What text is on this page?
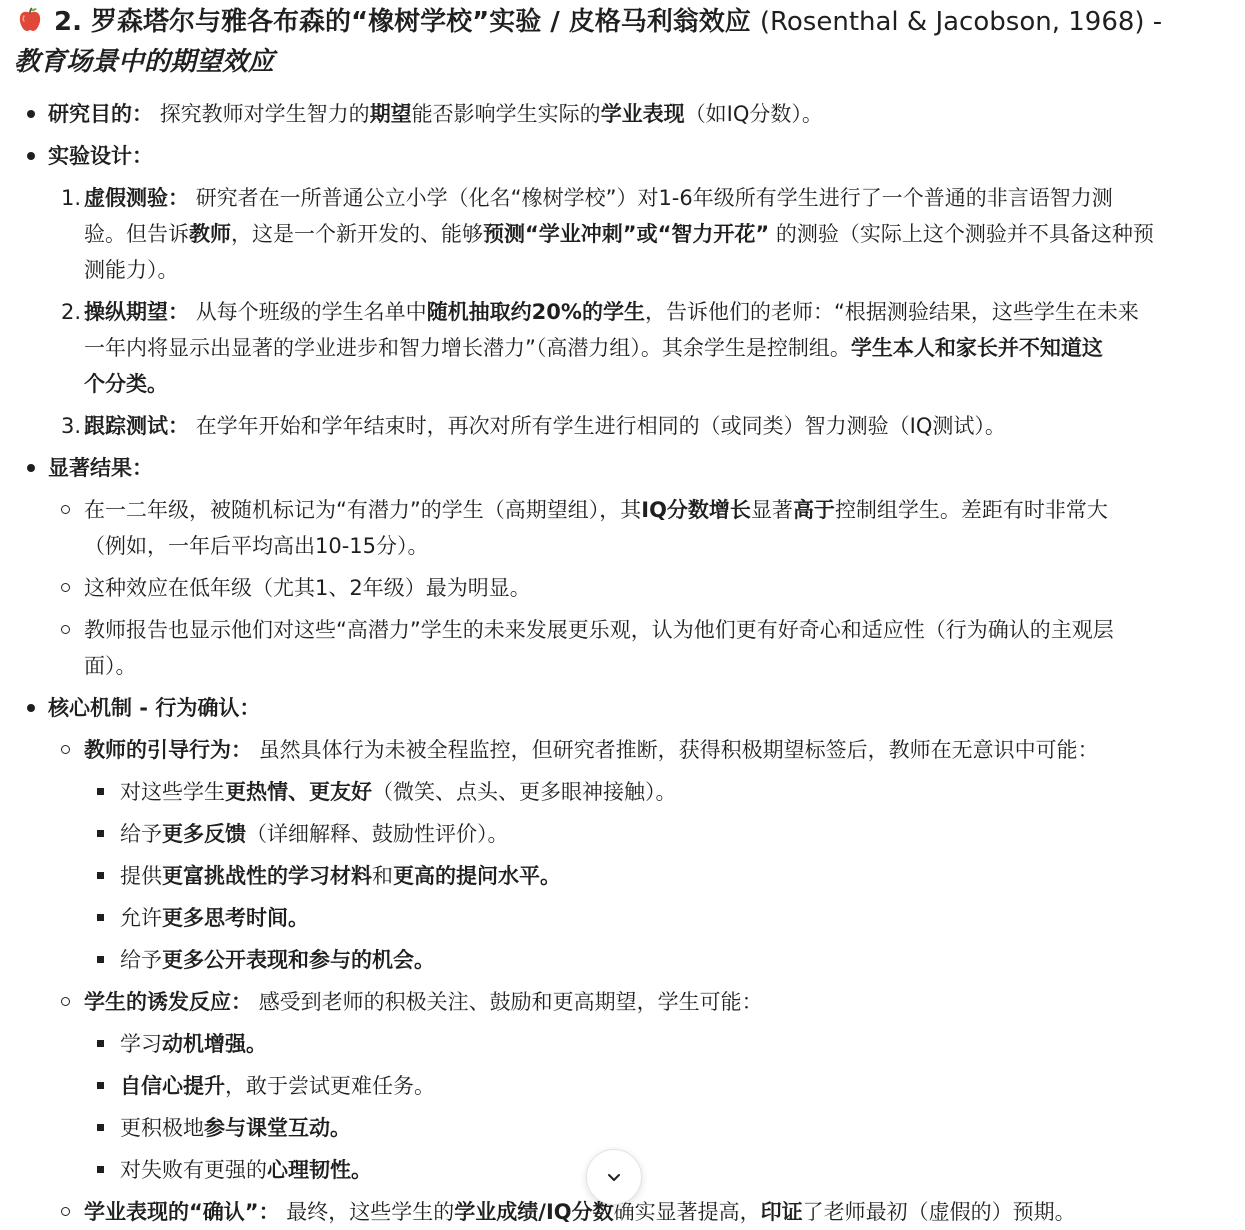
2. 罗森塔尔与雅各布森的“橡树学校”实验 / 皮格马利翁效应 (Rosenthal & Jacobson, 1968) -
教育场景中的期望效应
研究目的： 探究教师对学生智力的期望能否影响学生实际的学业表现（如IQ分数）。
实验设计：
1. 虚假测验： 研究者在一所普通公立小学（化名“橡树学校”）对1-6年级所有学生进行了一个普通的非言语智力测
验。但告诉教师，这是一个新开发的、能够预测“学业冲刺”或“智力开花” 的测验（实际上这个测验并不具备这种预
测能力）。
2. 操纵期望： 从每个班级的学生名单中随机抽取约20%的学生，告诉他们的老师：“根据测验结果，这些学生在未来
一年内将显示出显著的学业进步和智力增长潜力”（高潜力组）。其余学生是控制组。学生本人和家长并不知道这
个分类。
3. 跟踪测试： 在学年开始和学年结束时，再次对所有学生进行相同的（或同类）智力测验（IQ测试）。
显著结果：
在一二年级，被随机标记为“有潜力”的学生（高期望组），其IQ分数增长显著高于控制组学生。差距有时非常大
（例如，一年后平均高出10-15分）。
这种效应在低年级（尤其1、2年级）最为明显。
教师报告也显示他们对这些“高潜力”学生的未来发展更乐观，认为他们更有好奇心和适应性（行为确认的主观层
面）。
核心机制 - 行为确认：
教师的引导行为： 虽然具体行为未被全程监控，但研究者推断，获得积极期望标签后，教师在无意识中可能：
对这些学生更热情、更友好（微笑、点头、更多眼神接触）。
给予更多反馈（详细解释、鼓励性评价）。
提供更富挑战性的学习材料和更高的提问水平。
允许更多思考时间。
给予更多公开表现和参与的机会。
学生的诱发反应： 感受到老师的积极关注、鼓励和更高期望，学生可能：
学习动机增强。
自信心提升，敢于尝试更难任务。
更积极地参与课堂互动。
对失败有更强的心理韧性。
学业表现的“确认”： 最终，这些学生的学业成绩/IQ分数确实显著提高，印证了老师最初（虚假的）预期。
